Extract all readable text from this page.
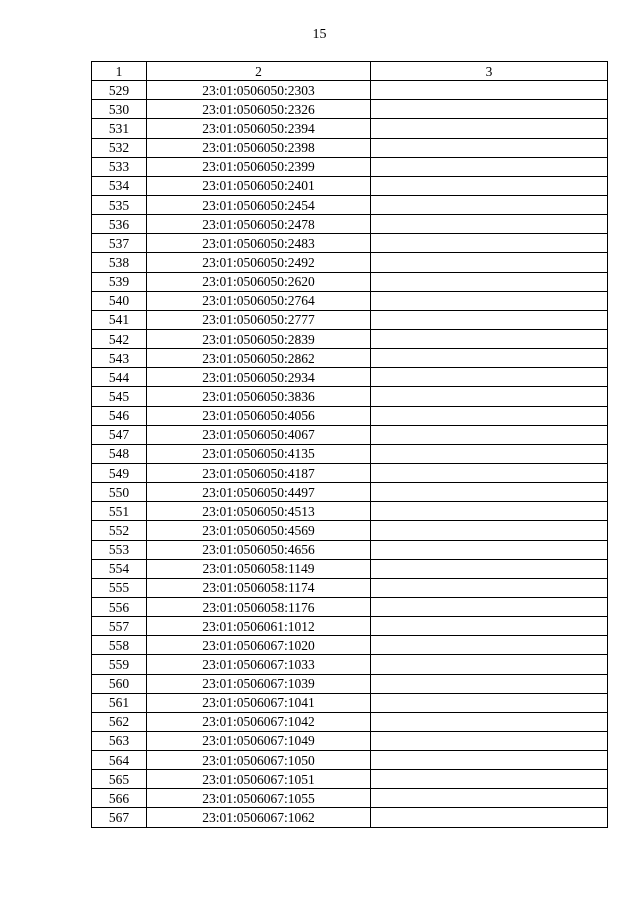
15
1	2	3
529	23:01:0506050:2303	
530	23:01:0506050:2326	
531	23:01:0506050:2394	
532	23:01:0506050:2398	
533	23:01:0506050:2399	
534	23:01:0506050:2401	
535	23:01:0506050:2454	
536	23:01:0506050:2478	
537	23:01:0506050:2483	
538	23:01:0506050:2492	
539	23:01:0506050:2620	
540	23:01:0506050:2764	
541	23:01:0506050:2777	
542	23:01:0506050:2839	
543	23:01:0506050:2862	
544	23:01:0506050:2934	
545	23:01:0506050:3836	
546	23:01:0506050:4056	
547	23:01:0506050:4067	
548	23:01:0506050:4135	
549	23:01:0506050:4187	
550	23:01:0506050:4497	
551	23:01:0506050:4513	
552	23:01:0506050:4569	
553	23:01:0506050:4656	
554	23:01:0506058:1149	
555	23:01:0506058:1174	
556	23:01:0506058:1176	
557	23:01:0506061:1012	
558	23:01:0506067:1020	
559	23:01:0506067:1033	
560	23:01:0506067:1039	
561	23:01:0506067:1041	
562	23:01:0506067:1042	
563	23:01:0506067:1049	
564	23:01:0506067:1050	
565	23:01:0506067:1051	
566	23:01:0506067:1055	
567	23:01:0506067:1062	
